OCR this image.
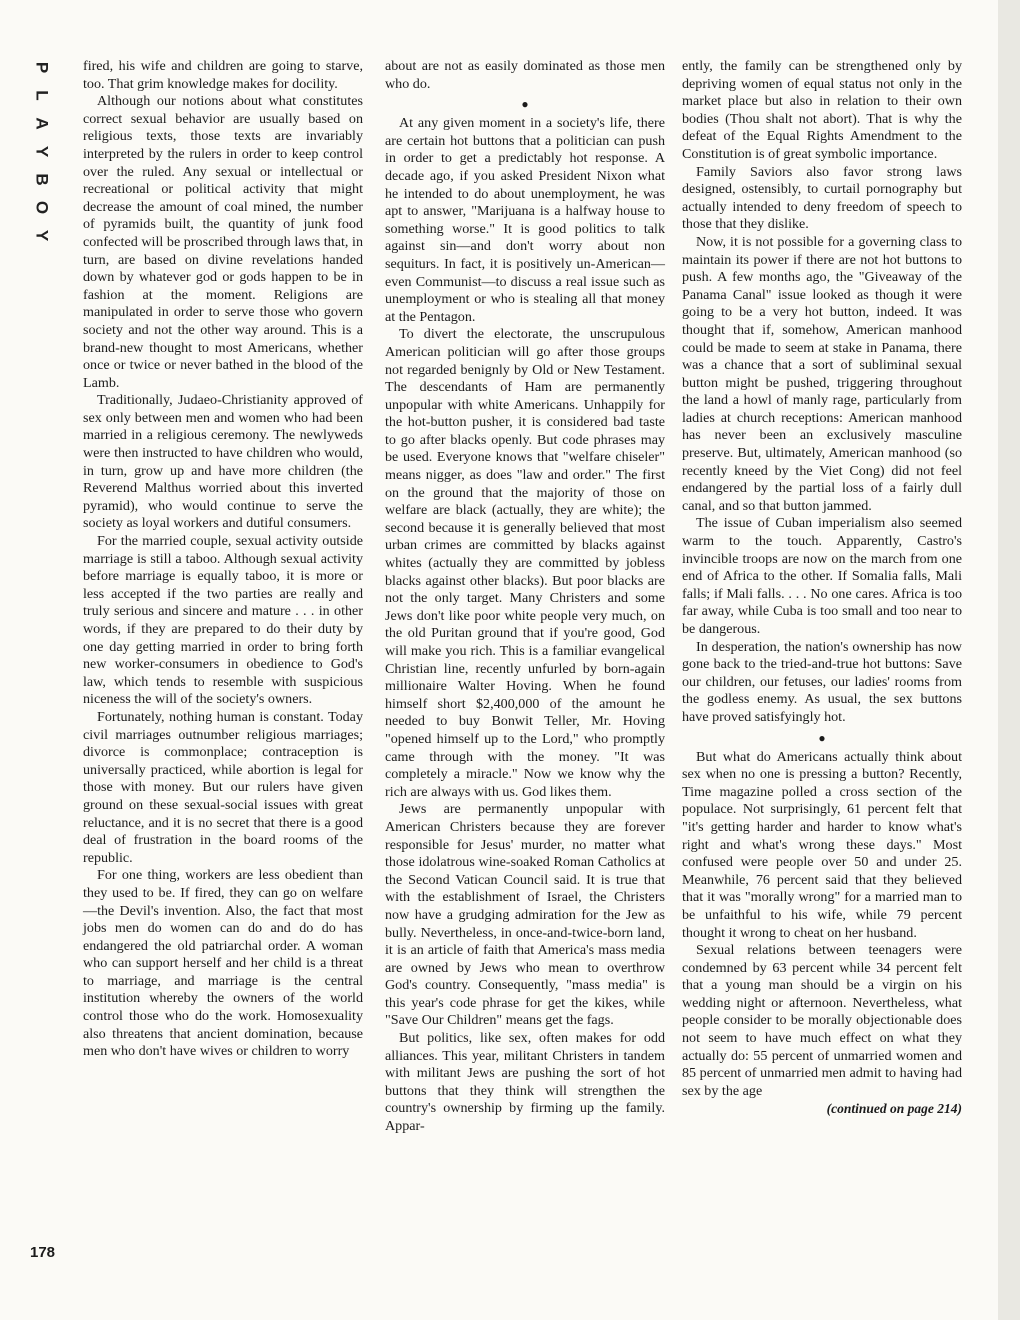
P
L
A
Y
B
O
Y
178

fired, his wife and children are going to starve, too. That grim knowledge makes for docility.

Although our notions about what constitutes correct sexual behavior are usually based on religious texts, those texts are invariably interpreted by the rulers in order to keep control over the ruled. Any sexual or intellectual or recreational or political activity that might decrease the amount of coal mined, the number of pyramids built, the quantity of junk food confected will be proscribed through laws that, in turn, are based on divine revelations handed down by whatever god or gods happen to be in fashion at the moment. Religions are manipulated in order to serve those who govern society and not the other way around. This is a brand-new thought to most Americans, whether once or twice or never bathed in the blood of the Lamb.

Traditionally, Judaeo-Christianity approved of sex only between men and women who had been married in a religious ceremony. The newlyweds were then instructed to have children who would, in turn, grow up and have more children (the Reverend Malthus worried about this inverted pyramid), who would continue to serve the society as loyal workers and dutiful consumers.

For the married couple, sexual activity outside marriage is still a taboo. Although sexual activity before marriage is equally taboo, it is more or less accepted if the two parties are really and truly serious and sincere and mature . . . in other words, if they are prepared to do their duty by one day getting married in order to bring forth new worker-consumers in obedience to God's law, which tends to resemble with suspicious niceness the will of the society's owners.

Fortunately, nothing human is constant. Today civil marriages outnumber religious marriages; divorce is commonplace; contraception is universally practiced, while abortion is legal for those with money. But our rulers have given ground on these sexual-social issues with great reluctance, and it is no secret that there is a good deal of frustration in the board rooms of the republic.

For one thing, workers are less obedient than they used to be. If fired, they can go on welfare—the Devil's invention. Also, the fact that most jobs men do women can do and do do has endangered the old patriarchal order. A woman who can support herself and her child is a threat to marriage, and marriage is the central institution whereby the owners of the world control those who do the work. Homosexuality also threatens that ancient domination, because men who don't have wives or children to worry

about are not as easily dominated as those men who do.

●

At any given moment in a society's life, there are certain hot buttons that a politician can push in order to get a predictably hot response. A decade ago, if you asked President Nixon what he intended to do about unemployment, he was apt to answer, "Marijuana is a halfway house to something worse." It is good politics to talk against sin—and don't worry about non sequiturs. In fact, it is positively un-American—even Communist—to discuss a real issue such as unemployment or who is stealing all that money at the Pentagon.

To divert the electorate, the unscrupulous American politician will go after those groups not regarded benignly by Old or New Testament. The descendants of Ham are permanently unpopular with white Americans. Unhappily for the hot-button pusher, it is considered bad taste to go after blacks openly. But code phrases may be used. Everyone knows that "welfare chiseler" means nigger, as does "law and order." The first on the ground that the majority of those on welfare are black (actually, they are white); the second because it is generally believed that most urban crimes are committed by blacks against whites (actually they are committed by jobless blacks against other blacks). But poor blacks are not the only target. Many Christers and some Jews don't like poor white people very much, on the old Puritan ground that if you're good, God will make you rich. This is a familiar evangelical Christian line, recently unfurled by born-again millionaire Walter Hoving. When he found himself short $2,400,000 of the amount he needed to buy Bonwit Teller, Mr. Hoving "opened himself up to the Lord," who promptly came through with the money. "It was completely a miracle." Now we know why the rich are always with us. God likes them.

Jews are permanently unpopular with American Christers because they are forever responsible for Jesus' murder, no matter what those idolatrous wine-soaked Roman Catholics at the Second Vatican Council said. It is true that with the establishment of Israel, the Christers now have a grudging admiration for the Jew as bully. Nevertheless, in once-and-twice-born land, it is an article of faith that America's mass media are owned by Jews who mean to overthrow God's country. Consequently, "mass media" is this year's code phrase for get the kikes, while "Save Our Children" means get the fags.

But politics, like sex, often makes for odd alliances. This year, militant Christers in tandem with militant Jews are pushing the sort of hot buttons that they think will strengthen the country's ownership by firming up the family. Appar-

ently, the family can be strengthened only by depriving women of equal status not only in the market place but also in relation to their own bodies (Thou shalt not abort). That is why the defeat of the Equal Rights Amendment to the Constitution is of great symbolic importance.

Family Saviors also favor strong laws designed, ostensibly, to curtail pornography but actually intended to deny freedom of speech to those that they dislike.

Now, it is not possible for a governing class to maintain its power if there are not hot buttons to push. A few months ago, the "Giveaway of the Panama Canal" issue looked as though it were going to be a very hot button, indeed. It was thought that if, somehow, American manhood could be made to seem at stake in Panama, there was a chance that a sort of subliminal sexual button might be pushed, triggering throughout the land a howl of manly rage, particularly from ladies at church receptions: American manhood has never been an exclusively masculine preserve. But, ultimately, American manhood (so recently kneed by the Viet Cong) did not feel endangered by the partial loss of a fairly dull canal, and so that button jammed.

The issue of Cuban imperialism also seemed warm to the touch. Apparently, Castro's invincible troops are now on the march from one end of Africa to the other. If Somalia falls, Mali falls; if Mali falls. . . . No one cares. Africa is too far away, while Cuba is too small and too near to be dangerous.

In desperation, the nation's ownership has now gone back to the tried-and-true hot buttons: Save our children, our fetuses, our ladies' rooms from the godless enemy. As usual, the sex buttons have proved satisfyingly hot.

●

But what do Americans actually think about sex when no one is pressing a button? Recently, Time magazine polled a cross section of the populace. Not surprisingly, 61 percent felt that "it's getting harder and harder to know what's right and what's wrong these days." Most confused were people over 50 and under 25. Meanwhile, 76 percent said that they believed that it was "morally wrong" for a married man to be unfaithful to his wife, while 79 percent thought it wrong to cheat on her husband.

Sexual relations between teenagers were condemned by 63 percent while 34 percent felt that a young man should be a virgin on his wedding night or afternoon. Nevertheless, what people consider to be morally objectionable does not seem to have much effect on what they actually do: 55 percent of unmarried women and 85 percent of unmarried men admit to having had sex by the age

(continued on page 214)
